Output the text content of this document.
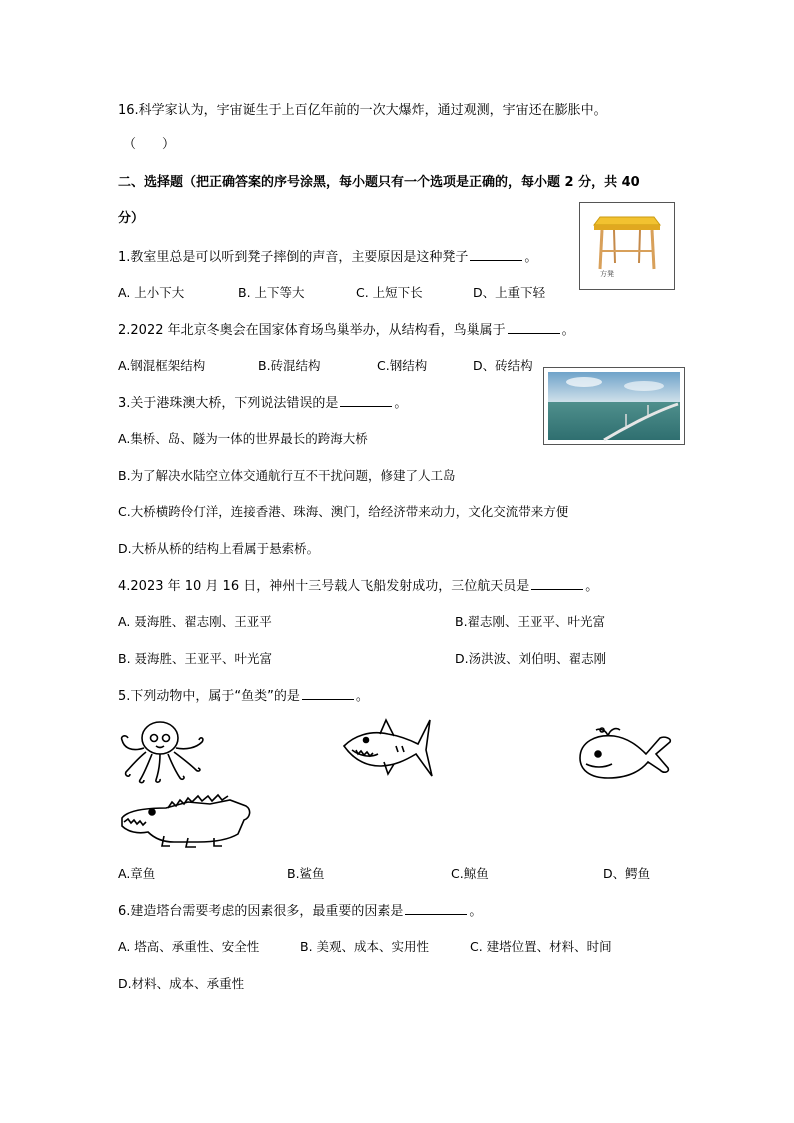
16.科学家认为，宇宙诞生于上百亿年前的一次大爆炸，通过观测，宇宙还在膨胀中。
（　　）
二、选择题（把正确答案的序号涂黑，每小题只有一个选项是正确的，每小题 2 分，共 40
分）
方凳
1.教室里总是可以听到凳子摔倒的声音，主要原因是这种凳子	。
A. 上小下大	B. 上下等大	C. 上短下长	D、上重下轻
2.2022 年北京冬奥会在国家体育场鸟巢举办，从结构看，鸟巢属于	。
A.钢混框架结构	B.砖混结构	C.钢结构	D、砖结构
3.关于港珠澳大桥，下列说法错误的是	。
A.集桥、岛、隧为一体的世界最长的跨海大桥
B.为了解决水陆空立体交通航行互不干扰问题，修建了人工岛
C.大桥横跨伶仃洋，连接香港、珠海、澳门，给经济带来动力，文化交流带来方便
D.大桥从桥的结构上看属于悬索桥。
4.2023 年 10 月 16 日，神州十三号载人飞船发射成功，三位航天员是	。
A. 聂海胜、翟志刚、王亚平	B.翟志刚、王亚平、叶光富
B. 聂海胜、王亚平、叶光富	D.汤洪波、刘伯明、翟志刚
5.下列动物中，属于“鱼类”的是	。
A.章鱼	B.鲨鱼	C.鲸鱼	D、鳄鱼
6.建造塔台需要考虑的因素很多，最重要的因素是	。
A. 塔高、承重性、安全性	B. 美观、成本、实用性	C. 建塔位置、材料、时间
D.材料、成本、承重性
